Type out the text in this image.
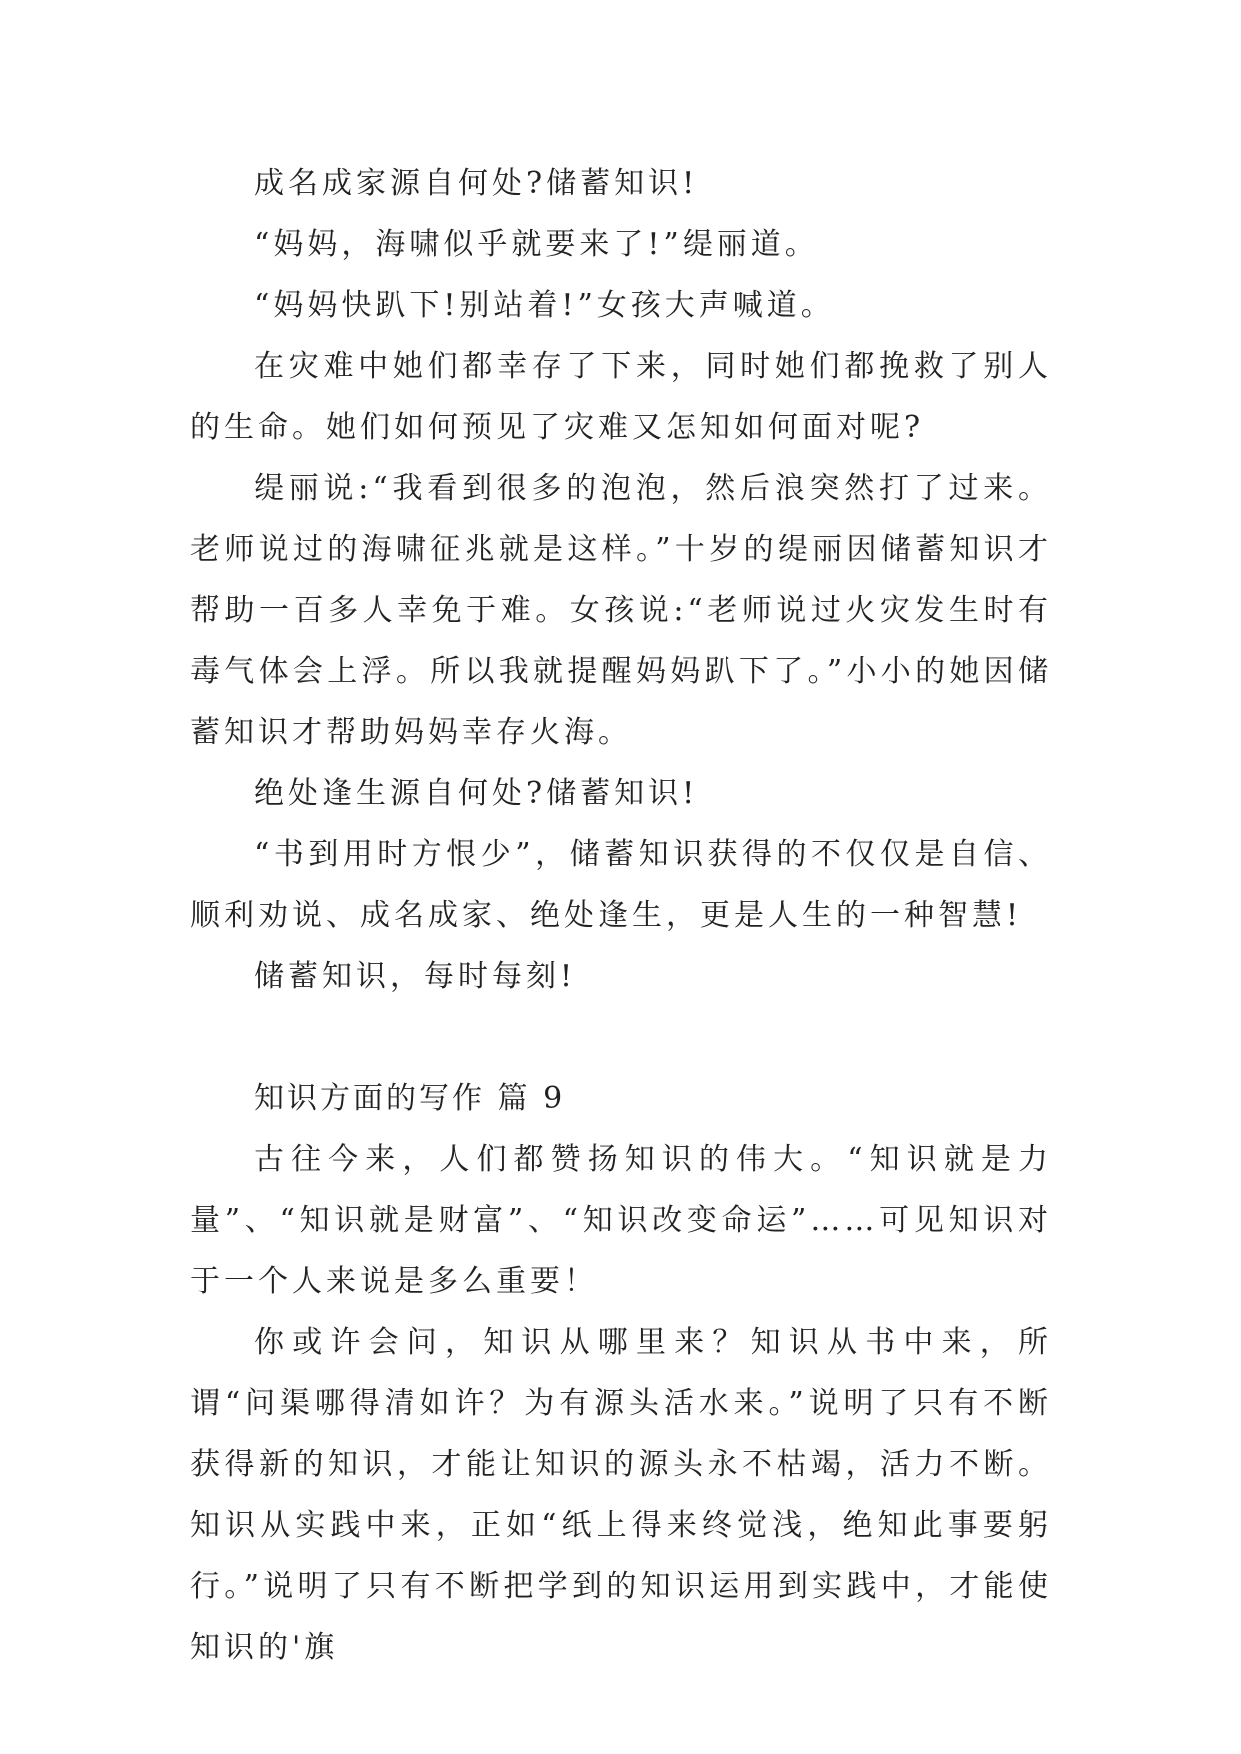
成名成家源自何处?储蓄知识!

“妈妈，海啸似乎就要来了!”缇丽道。

“妈妈快趴下!别站着!”女孩大声喊道。

在灾难中她们都幸存了下来，同时她们都挽救了别人的生命。她们如何预见了灾难又怎知如何面对呢?

缇丽说:“我看到很多的泡泡，然后浪突然打了过来。老师说过的海啸征兆就是这样。”十岁的缇丽因储蓄知识才帮助一百多人幸免于难。女孩说:“老师说过火灾发生时有毒气体会上浮。所以我就提醒妈妈趴下了。”小小的她因储蓄知识才帮助妈妈幸存火海。

绝处逢生源自何处?储蓄知识!

“书到用时方恨少”，储蓄知识获得的不仅仅是自信、顺利劝说、成名成家、绝处逢生，更是人生的一种智慧!

储蓄知识，每时每刻!

知识方面的写作 篇 9

古往今来，人们都赞扬知识的伟大。“知识就是力量”、“知识就是财富”、“知识改变命运”……可见知识对于一个人来说是多么重要！

你或许会问，知识从哪里来？知识从书中来，所谓“问渠哪得清如许？为有源头活水来。”说明了只有不断获得新的知识，才能让知识的源头永不枯竭，活力不断。知识从实践中来，正如“纸上得来终觉浅，绝知此事要躬行。”说明了只有不断把学到的知识运用到实践中，才能使知识的'旗
